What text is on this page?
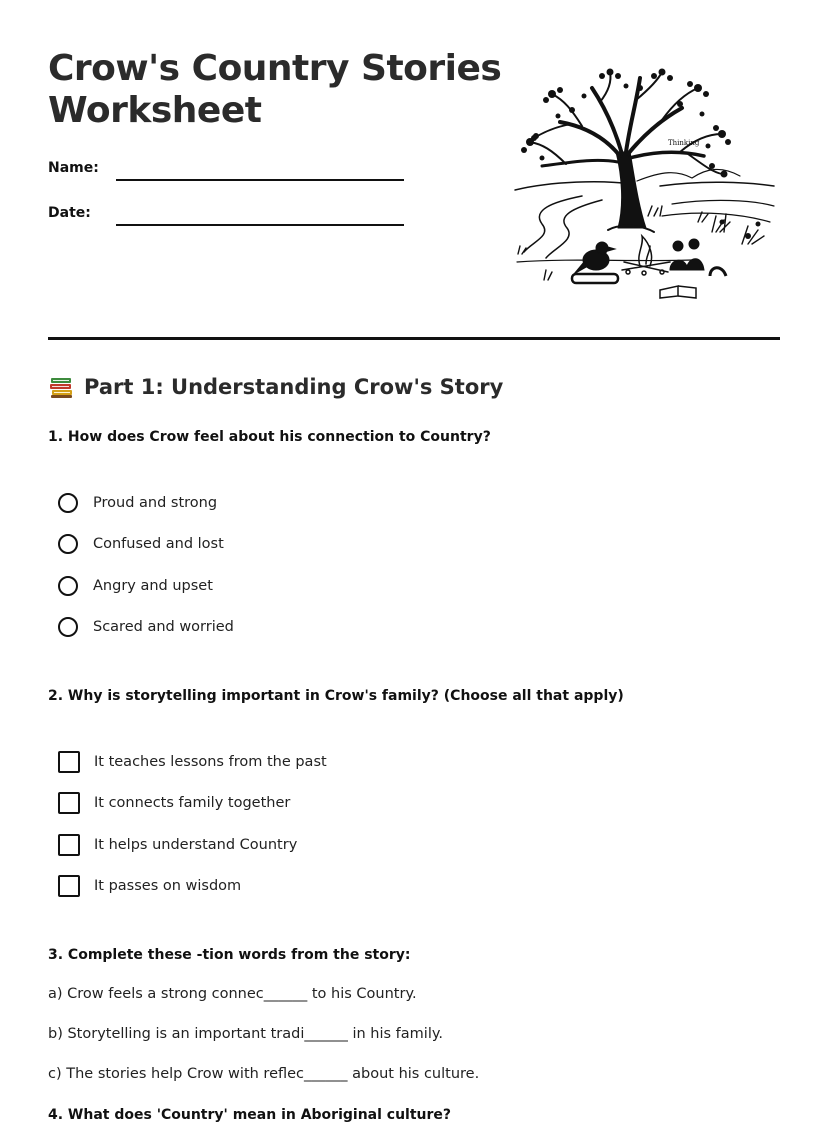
Crow's Country Stories Worksheet
Name:
Date:
Thinking
Part 1: Understanding Crow's Story

1. How does Crow feel about his connection to Country?

Proud and strong
Confused and lost
Angry and upset
Scared and worried

2. Why is storytelling important in Crow's family? (Choose all that apply)

It teaches lessons from the past
It connects family together
It helps understand Country
It passes on wisdom

3. Complete these -tion words from the story:

a) Crow feels a strong connec______ to his Country.

b) Storytelling is an important tradi______ in his family.

c) The stories help Crow with reflec______ about his culture.

4. What does 'Country' mean in Aboriginal culture?
